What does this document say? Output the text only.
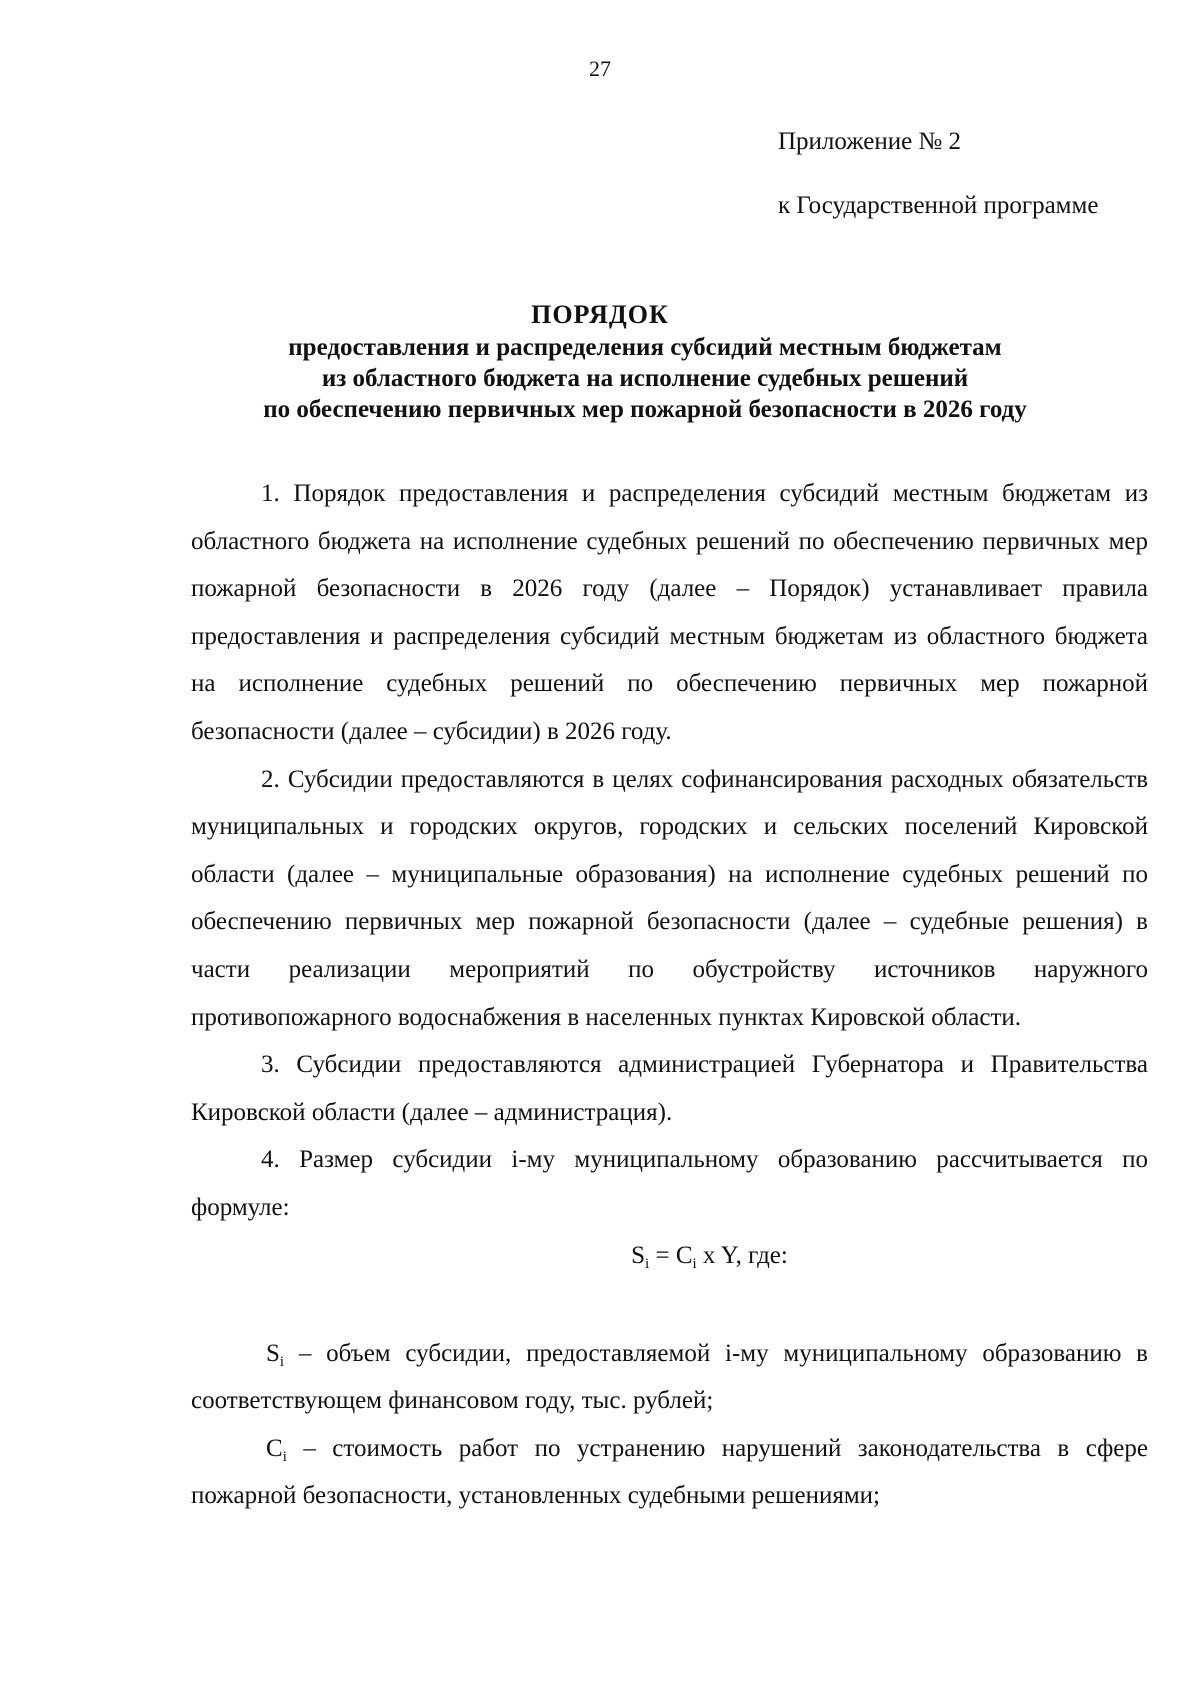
27
Приложение № 2
к Государственной программе
ПОРЯДОК
предоставления и распределения субсидий местным бюджетам
из областного бюджета на исполнение судебных решений
по обеспечению первичных мер пожарной безопасности в 2026 году

1. Порядок предоставления и распределения субсидий местным бюджетам из областного бюджета на исполнение судебных решений по обеспечению первичных мер пожарной безопасности в 2026 году (далее – Порядок) устанавливает правила предоставления и распределения субсидий местным бюджетам из областного бюджета на исполнение судебных решений по обеспечению первичных мер пожарной безопасности (далее – субсидии) в 2026 году.

2. Субсидии предоставляются в целях софинансирования расходных обязательств муниципальных и городских округов, городских и сельских поселений Кировской области (далее – муниципальные образования) на исполнение судебных решений по обеспечению первичных мер пожарной безопасности (далее – судебные решения) в части реализации мероприятий по обустройству источников наружного противопожарного водоснабжения в населенных пунктах Кировской области.

3. Субсидии предоставляются администрацией Губернатора и Правительства Кировской области (далее – администрация).

4. Размер субсидии i-му муниципальному образованию рассчитывается по формуле:

$S_i = C_i$ x Y, где:

$S_i$ – объем субсидии, предоставляемой i-му муниципальному образованию в соответствующем финансовом году, тыс. рублей;

$C_i$ – стоимость работ по устранению нарушений законодательства в сфере пожарной безопасности, установленных судебными решениями;
